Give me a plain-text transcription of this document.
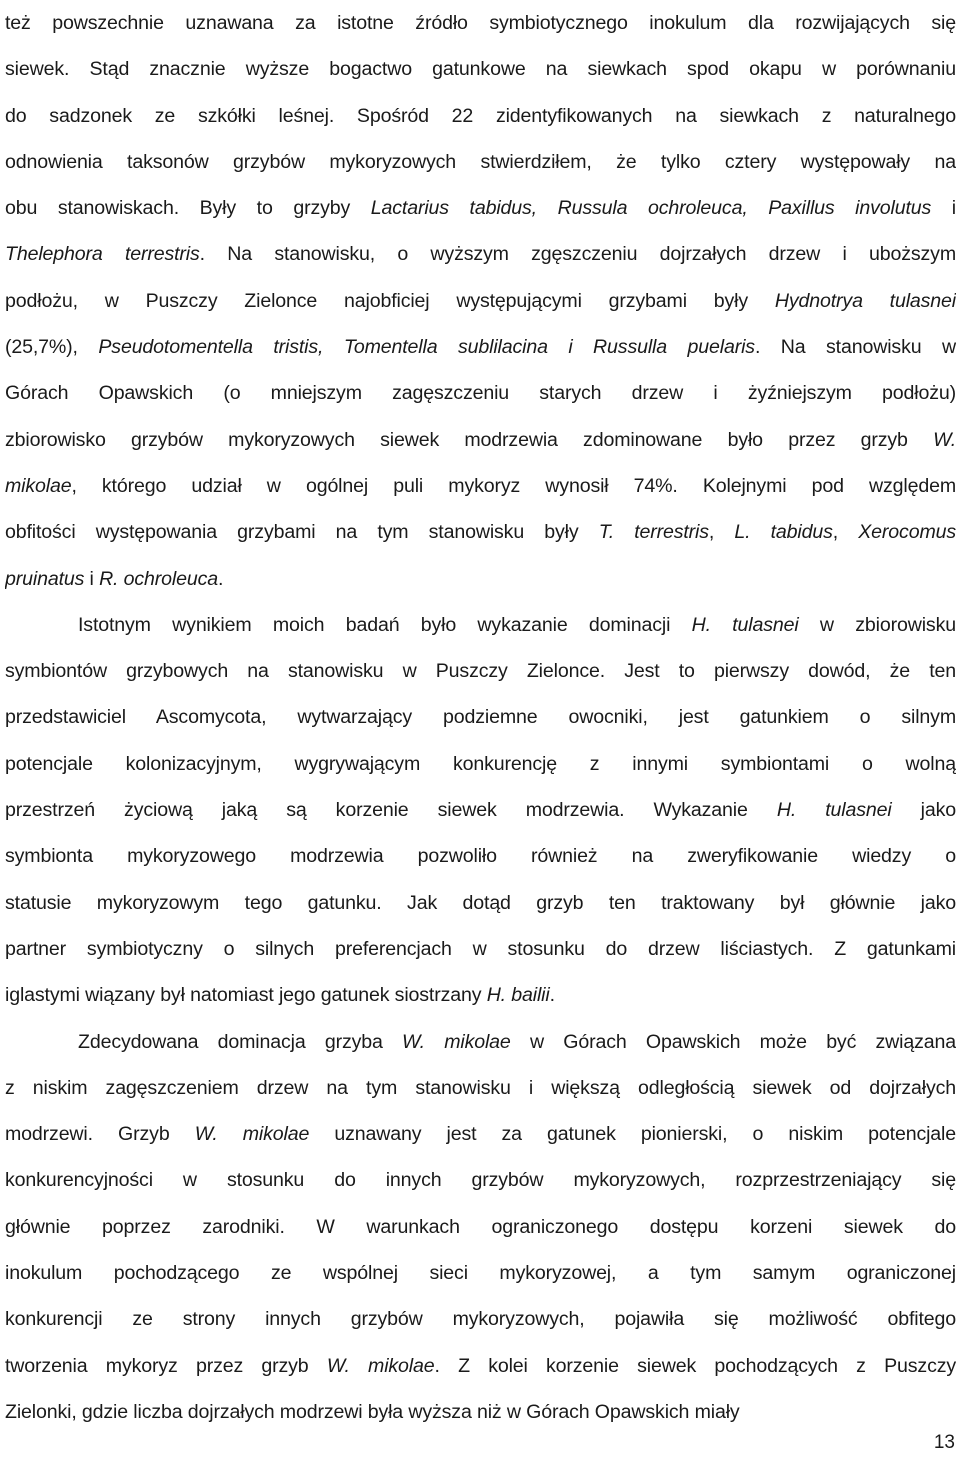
też powszechnie uznawana za istotne źródło symbiotycznego inokulum dla rozwijających się
siewek. Stąd znacznie wyższe bogactwo gatunkowe na siewkach spod okapu w porównaniu
do sadzonek ze szkółki leśnej. Spośród 22 zidentyfikowanych na siewkach z naturalnego
odnowienia taksonów grzybów mykoryzowych stwierdziłem, że tylko cztery występowały na
obu stanowiskach. Były to grzyby Lactarius tabidus, Russula ochroleuca, Paxillus involutus i
Thelephora terrestris. Na stanowisku, o wyższym zgęszczeniu dojrzałych drzew i uboższym
podłożu, w Puszczy Zielonce najobficiej występującymi grzybami były Hydnotrya tulasnei
(25,7%), Pseudotomentella tristis, Tomentella sublilacina i Russulla puelaris. Na stanowisku w
Górach Opawskich (o mniejszym zagęszczeniu starych drzew i żyźniejszym podłożu)
zbiorowisko grzybów mykoryzowych siewek modrzewia zdominowane było przez grzyb W.
mikolae, którego udział w ogólnej puli mykoryz wynosił 74%. Kolejnymi pod względem
obfitości występowania grzybami na tym stanowisku były T. terrestris, L. tabidus, Xerocomus
pruinatus i R. ochroleuca.
Istotnym wynikiem moich badań było wykazanie dominacji H. tulasnei w zbiorowisku
symbiontów grzybowych na stanowisku w Puszczy Zielonce. Jest to pierwszy dowód, że ten
przedstawiciel Ascomycota, wytwarzający podziemne owocniki, jest gatunkiem o silnym
potencjale kolonizacyjnym, wygrywającym konkurencję z innymi symbiontami o wolną
przestrzeń życiową jaką są korzenie siewek modrzewia. Wykazanie H. tulasnei jako
symbionta mykoryzowego modrzewia pozwoliło również na zweryfikowanie wiedzy o
statusie mykoryzowym tego gatunku. Jak dotąd grzyb ten traktowany był głównie jako
partner symbiotyczny o silnych preferencjach w stosunku do drzew liściastych. Z gatunkami
iglastymi wiązany był natomiast jego gatunek siostrzany H. bailii.
Zdecydowana dominacja grzyba W. mikolae w Górach Opawskich może być związana
z niskim zagęszczeniem drzew na tym stanowisku i większą odległością siewek od dojrzałych
modrzewi. Grzyb W. mikolae uznawany jest za gatunek pionierski, o niskim potencjale
konkurencyjności w stosunku do innych grzybów mykoryzowych, rozprzestrzeniający się
głównie poprzez zarodniki. W warunkach ograniczonego dostępu korzeni siewek do
inokulum pochodzącego ze wspólnej sieci mykoryzowej, a tym samym ograniczonej
konkurencji ze strony innych grzybów mykoryzowych, pojawiła się możliwość obfitego
tworzenia mykoryz przez grzyb W. mikolae. Z kolei korzenie siewek pochodzących z Puszczy
Zielonki, gdzie liczba dojrzałych modrzewi była wyższa niż w Górach Opawskich miały
13
